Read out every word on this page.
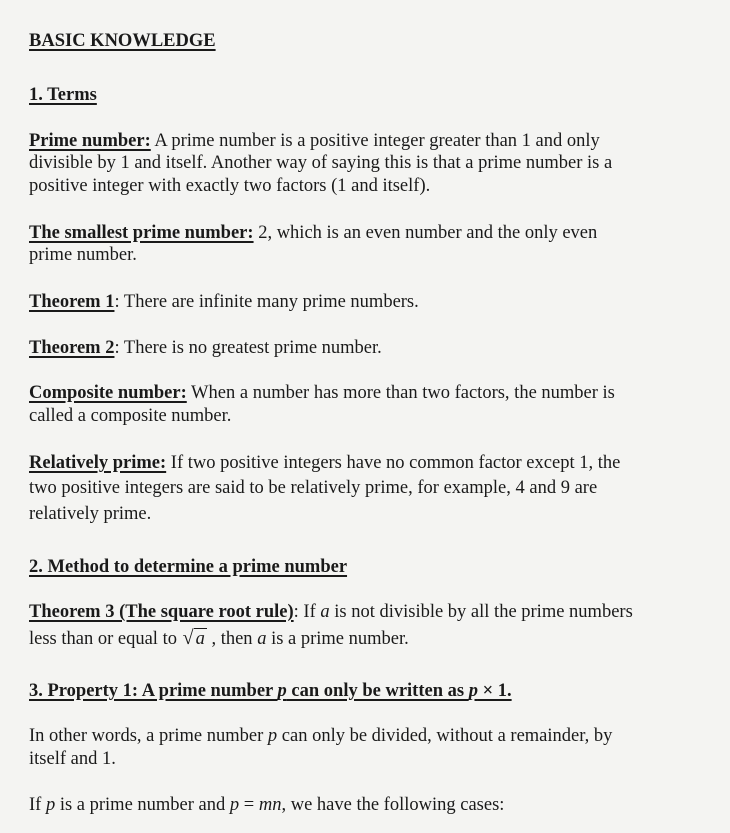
BASIC KNOWLEDGE
1. Terms
Prime number: A prime number is a positive integer greater than 1 and only
divisible by 1 and itself. Another way of saying this is that a prime number is a
positive integer with exactly two factors (1 and itself).
The smallest prime number: 2, which is an even number and the only even
prime number.
Theorem 1: There are infinite many prime numbers.
Theorem 2: There is no greatest prime number.
Composite number: When a number has more than two factors, the number is
called a composite number.
Relatively prime: If two positive integers have no common factor except 1, the
two positive integers are said to be relatively prime, for example, 4 and 9 are
relatively prime.
2. Method to determine a prime number
Theorem 3 (The square root rule): If a is not divisible by all the prime numbers
less than or equal to √ a , then a is a prime number.
3. Property 1: A prime number p can only be written as p × 1.
In other words, a prime number p can only be divided, without a remainder, by
itself and 1.
If p is a prime number and p = mn, we have the following cases:
